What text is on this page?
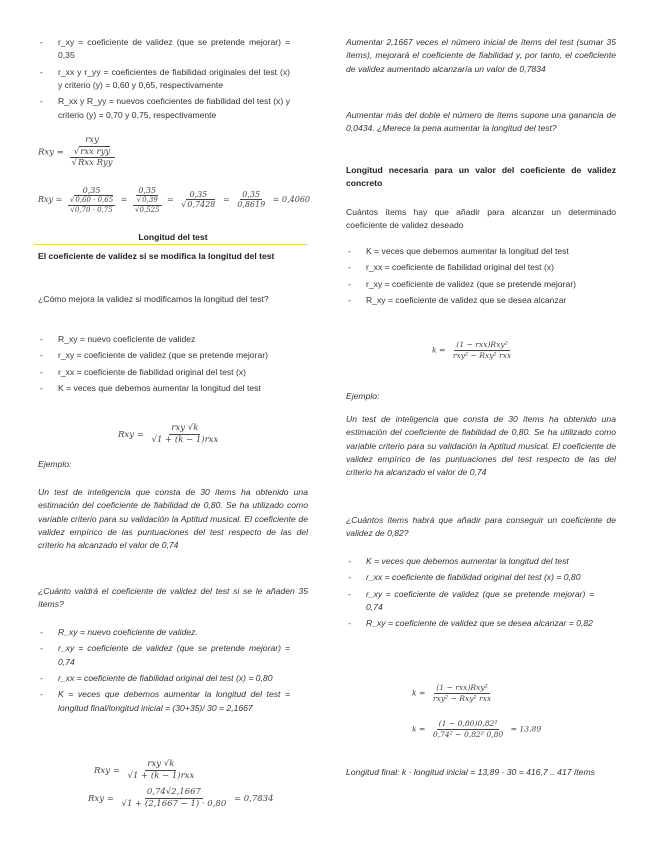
- r_xy = coeficiente de validez (que se pretende mejorar) = 0,35

- r_xx y r_yy = coeficientes de fiabilidad originales del test (x) y criterio (y) = 0,60 y 0,65, respectivamente

- R_xx y R_yy = nuevos coeficientes de fiabilidad del test (x) y criterio (y) = 0,70 y 0,75, respectivamente

Rxy =
rxy
√rxx ryy
√Rxx Ryy
Rxy =
0,35
√0,60 · 0,65
√0,70 · 0,75
=
0,35
√0,39
√0,525
= $\frac{0,35}{√0,7428} = \frac{0,35}{0,8619} = 0,4060$
Longitud del test

El coeficiente de validez si se modifica la longitud del test

¿Cómo mejora la validez si modificamos la longitud del test?

- R_xy = nuevo coeficiente de validez

- r_xy = coeficiente de validez (que se pretende mejorar)

- r_xx = coeficiente de fiabilidad original del test (x)

- K = veces que debemos aumentar la longitud del test

Rxy = $\frac{\text{rxy √k}}{\text{√1 + (k − 1)rxx}}$

Ejemplo:

Un test de inteligencia que consta de 30 ítems ha obtenido una estimación del coeficiente de fiabilidad de 0,80. Se ha utilizado como variable criterio para su validación la Aptitud musical. El coeficiente de validez empírico de las puntuaciones del test respecto de las del criterio ha alcanzado el valor de 0,74

¿Cuánto valdrá el coeficiente de validez del test si se le añaden 35 ítems?

- R_xy = nuevo coeficiente de validez.

- r_xy = coeficiente de validez (que se pretende mejorar) = 0,74

- r_xx = coeficiente de fiabilidad original del test (x) = 0,80

- K = veces que debemos aumentar la longitud del test = longitud final/longitud inicial = (30+35)/ 30 = 2,1667

Rxy = $\frac{\text{rxy √k}}{\text{√1 + (k − 1)rxx}}$
Rxy = $\frac{0,74√2,1667}{√1 + (2,1667 - 1) \cdot 0,80} = 0,7834$

Aumentar 2,1667 veces el número inicial de ítems del test (sumar 35 ítems), mejorará el coeficiente de fiabilidad y, por tanto, el coeficiente de validez aumentado alcanzaría un valor de 0,7834

Aumentar más del doble el número de ítems supone una ganancia de 0,0434. ¿Merece la pena aumentar la longitud del test?

Longitud necesaria para un valor del coeficiente de validez concreto

Cuántos ítems hay que añadir para alcanzar un determinado coeficiente de validez deseado

- K = veces que debemos aumentar la longitud del test

- r_xx = coeficiente de fiabilidad original del test (x)

- r_xy = coeficiente de validez (que se pretende mejorar)

- R_xy = coeficiente de validez que se desea alcanzar

$k = \frac{\text{(1 − rxx)Rxy²}}{\text{rxy² − Rxy² rxx}}$

Ejemplo:

Un test de inteligencia que consta de 30 ítems ha obtenido una estimación del coeficiente de fiabilidad de 0,80. Se ha utilizado como variable criterio para su validación la Aptitud musical. El coeficiente de validez empírico de las puntuaciones del test respecto de las del criterio ha alcanzado el valor de 0,74

¿Cuántos ítems habrá que añadir para conseguir un coeficiente de validez de 0,82?

- K = veces que debemos aumentar la longitud del test

- r_xx = coeficiente de fiabilidad original del test (x) = 0,80

- r_xy = coeficiente de validez (que se pretende mejorar) = 0,74

- R_xy = coeficiente de validez que se desea alcanzar = 0,82

$k = \frac{\text{(1 − rxx)Rxy²}}{\text{rxy² − Rxy² rxx}}$
$k = \frac{\text{(1 − 0,80)0,82²}}{\text{0,74² − 0,82² 0,80}} = 13,89$

Longitud final: k · longitud inicial = 13,89 · 30 = 416,7 .. 417 ítems
